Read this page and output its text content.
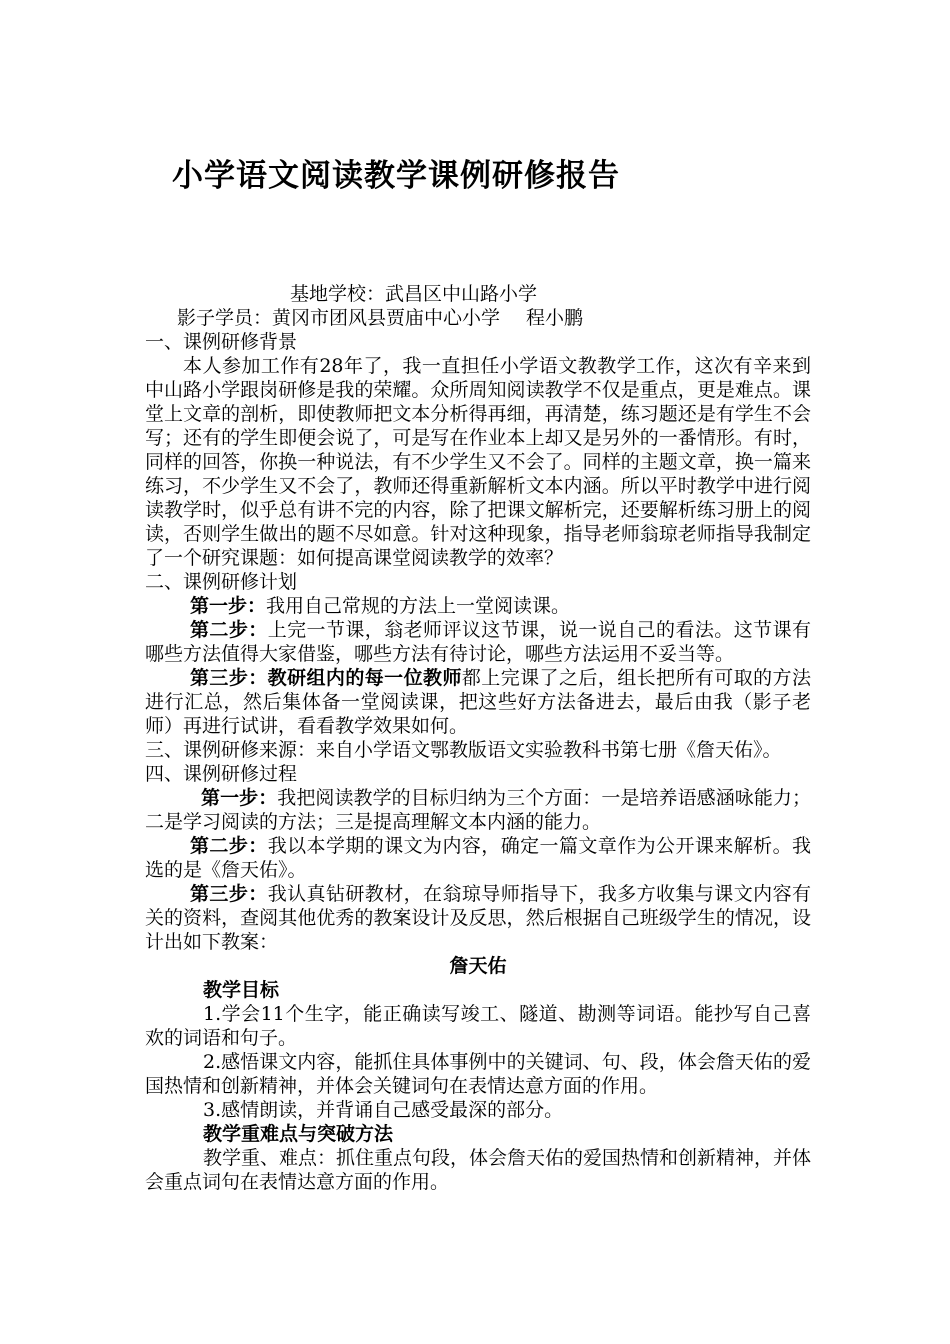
小学语文阅读教学课例研修报告

基地学校：武昌区中山路小学

影子学员：黄冈市团风县贾庙中心小学 程小鹏

一、课例研修背景

本人参加工作有28年了，我一直担任小学语文教教学工作，这次有辛来到中山路小学跟岗研修是我的荣耀。众所周知阅读教学不仅是重点，更是难点。课堂上文章的剖析，即使教师把文本分析得再细，再清楚，练习题还是有学生不会写；还有的学生即便会说了，可是写在作业本上却又是另外的一番情形。有时，同样的回答，你换一种说法，有不少学生又不会了。同样的主题文章，换一篇来练习，不少学生又不会了，教师还得重新解析文本内涵。所以平时教学中进行阅读教学时，似乎总有讲不完的内容，除了把课文解析完，还要解析练习册上的阅读，否则学生做出的题不尽如意。针对这种现象，指导老师翁琼老师指导我制定了一个研究课题：如何提高课堂阅读教学的效率？

二、课例研修计划

第一步：我用自己常规的方法上一堂阅读课。

第二步：上完一节课，翁老师评议这节课，说一说自己的看法。这节课有哪些方法值得大家借鉴，哪些方法有待讨论，哪些方法运用不妥当等。

第三步：教研组内的每一位教师都上完课了之后，组长把所有可取的方法进行汇总，然后集体备一堂阅读课，把这些好方法备进去，最后由我（影子老师）再进行试讲，看看教学效果如何。

三、课例研修来源：来自小学语文鄂教版语文实验教科书第七册《詹天佑》。

四、课例研修过程

第一步：我把阅读教学的目标归纳为三个方面：一是培养语感涵咏能力；二是学习阅读的方法；三是提高理解文本内涵的能力。

第二步：我以本学期的课文为内容，确定一篇文章作为公开课来解析。我选的是《詹天佑》。

第三步：我认真钻研教材，在翁琼导师指导下，我多方收集与课文内容有关的资料，查阅其他优秀的教案设计及反思，然后根据自己班级学生的情况，设计出如下教案：

詹天佑

教学目标

1.学会11个生字，能正确读写竣工、隧道、勘测等词语。能抄写自己喜欢的词语和句子。

2.感悟课文内容，能抓住具体事例中的关键词、句、段，体会詹天佑的爱国热情和创新精神，并体会关键词句在表情达意方面的作用。

3.感情朗读，并背诵自己感受最深的部分。

教学重难点与突破方法

教学重、难点：抓住重点句段，体会詹天佑的爱国热情和创新精神，并体会重点词句在表情达意方面的作用。
